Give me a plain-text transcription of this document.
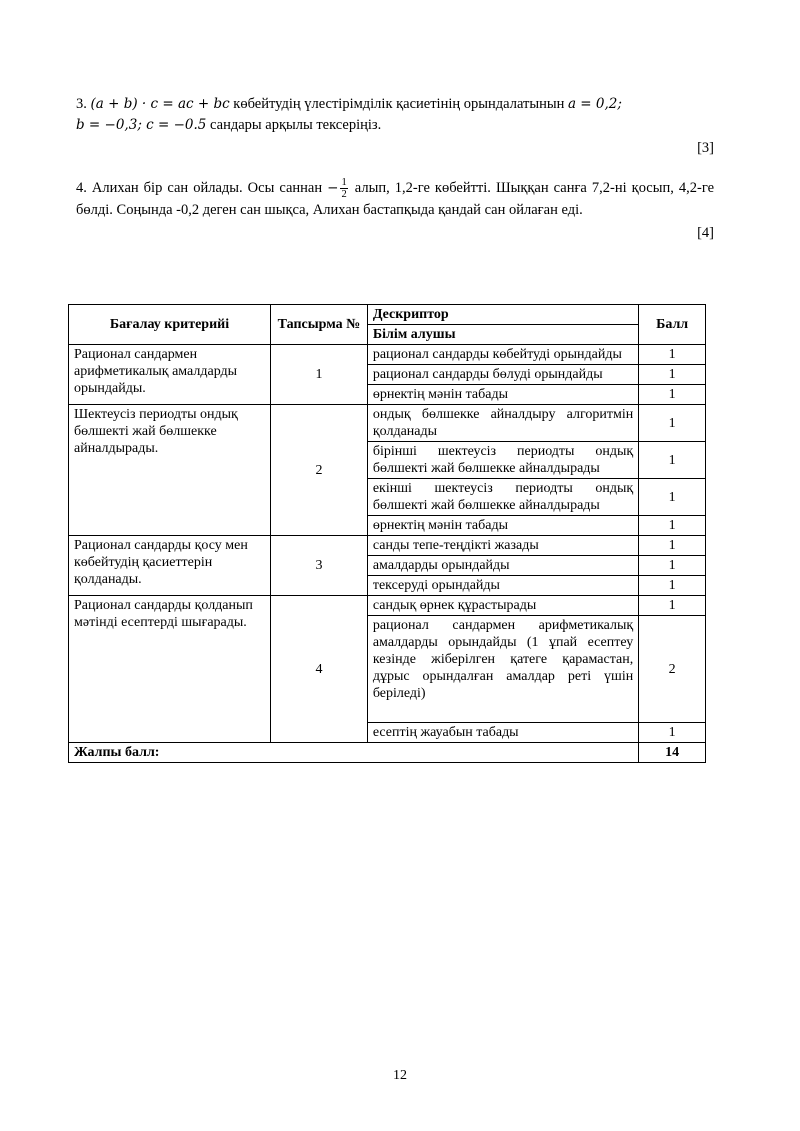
3. (a + b) · c = ac + bc көбейтудің үлестірімділік қасиетінің орындалатынын a = 0,2;
b = −0,3; c = −0.5 сандары арқылы тексеріңіз.

[3]

4. Алихан бір сан ойлады. Осы саннан − $\frac{1}{2}$ алып, 1,2-ге көбейтті. Шыққан санға 7,2-ні қосып, 4,2-ге бөлді. Соңында -0,2 деген сан шықса, Алихан бастапқыда қандай сан ойлаған еді.

[4]
Бағалау критерийі	Тапсырма №	Дескриптор	Балл
		Білім алушы	
Рационал сандармен арифметикалық амалдарды орындайды.	1	рационал сандарды көбейтуді орындайды	1
		рационал сандарды бөлуді орындайды	1
		өрнектің мәнін табады	1
Шектеусіз периодты ондық бөлшекті жай бөлшекке айналдырады.	2	ондық бөлшекке айналдыру алгоритмін қолданады	1
		бірінші шектеусіз периодты ондық бөлшекті жай бөлшекке айналдырады	1
		екінші шектеусіз периодты ондық бөлшекті жай бөлшекке айналдырады	1
		өрнектің мәнін табады	1
Рационал сандарды қосу мен көбейтудің қасиеттерін қолданады.	3	санды тепе-теңдікті жазады	1
		амалдарды орындайды	1
		тексеруді орындайды	1
Рационал сандарды қолданып мәтінді есептерді шығарады.	4	сандық өрнек құрастырады	1
		рационал сандармен арифметикалық амалдарды орындайды (1 ұпай есептеу кезінде жіберілген қатеге қарамастан, дұрыс орындалған амалдар реті үшін беріледі)	2
		есептің жауабын табады	1
Жалпы балл:			14
12
